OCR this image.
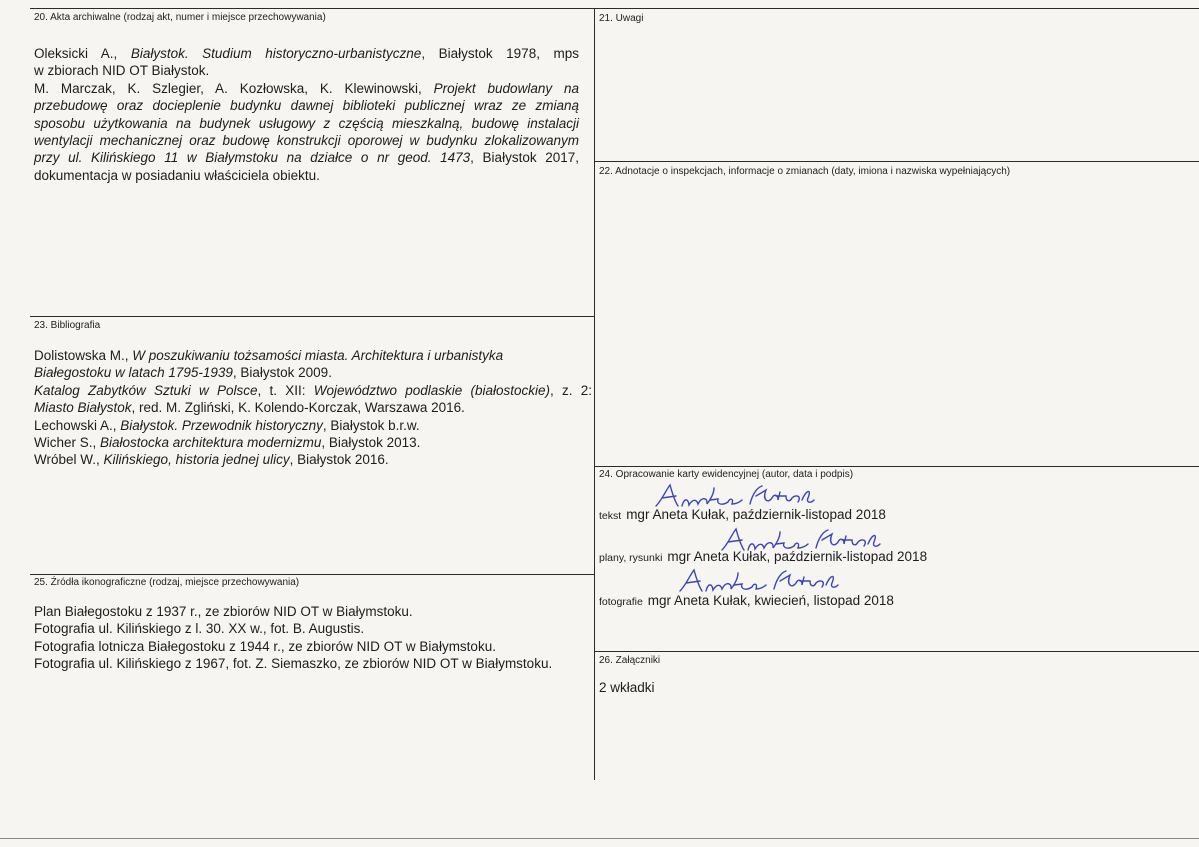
20. Akta archiwalne (rodzaj akt, numer i miejsce przechowywania)
Oleksicki A., Białystok. Studium historyczno-urbanistyczne, Białystok 1978, mps
w zbiorach NID OT Białystok.
M. Marczak, K. Szlegier, A. Kozłowska, K. Klewinowski, Projekt budowlany na
przebudowę oraz docieplenie budynku dawnej biblioteki publicznej wraz ze zmianą
sposobu użytkowania na budynek usługowy z częścią mieszkalną, budowę instalacji
wentylacji mechanicznej oraz budowę konstrukcji oporowej w budynku zlokalizowanym
przy ul. Kilińskiego 11 w Białymstoku na działce o nr geod. 1473, Białystok 2017,
dokumentacja w posiadaniu właściciela obiektu.
21. Uwagi
22. Adnotacje o inspekcjach, informacje o zmianach (daty, imiona i nazwiska wypełniających)
23. Bibliografia
Dolistowska M., W poszukiwaniu tożsamości miasta. Architektura i urbanistyka
Białegostoku w latach 1795-1939, Białystok 2009.
Katalog Zabytków Sztuki w Polsce, t. XII: Województwo podlaskie (białostockie), z. 2:
Miasto Białystok, red. M. Zgliński, K. Kolendo-Korczak, Warszawa 2016.
Lechowski A., Białystok. Przewodnik historyczny, Białystok b.r.w.
Wicher S., Białostocka architektura modernizmu, Białystok 2013.
Wróbel W., Kilińskiego, historia jednej ulicy, Białystok 2016.
24. Opracowanie karty ewidencyjnej (autor, data i podpis)
tekst mgr Aneta Kułak, październik-listopad 2018
plany, rysunki mgr Aneta Kułak, październik-listopad 2018
fotografie mgr Aneta Kułak, kwiecień, listopad 2018
25. Źródła ikonograficzne (rodzaj, miejsce przechowywania)
Plan Białegostoku z 1937 r., ze zbiorów NID OT w Białymstoku.
Fotografia ul. Kilińskiego z l. 30. XX w., fot. B. Augustis.
Fotografia lotnicza Białegostoku z 1944 r., ze zbiorów NID OT w Białymstoku.
Fotografia ul. Kilińskiego z 1967, fot. Z. Siemaszko, ze zbiorów NID OT w Białymstoku.	26. Załączniki
2 wkładki
